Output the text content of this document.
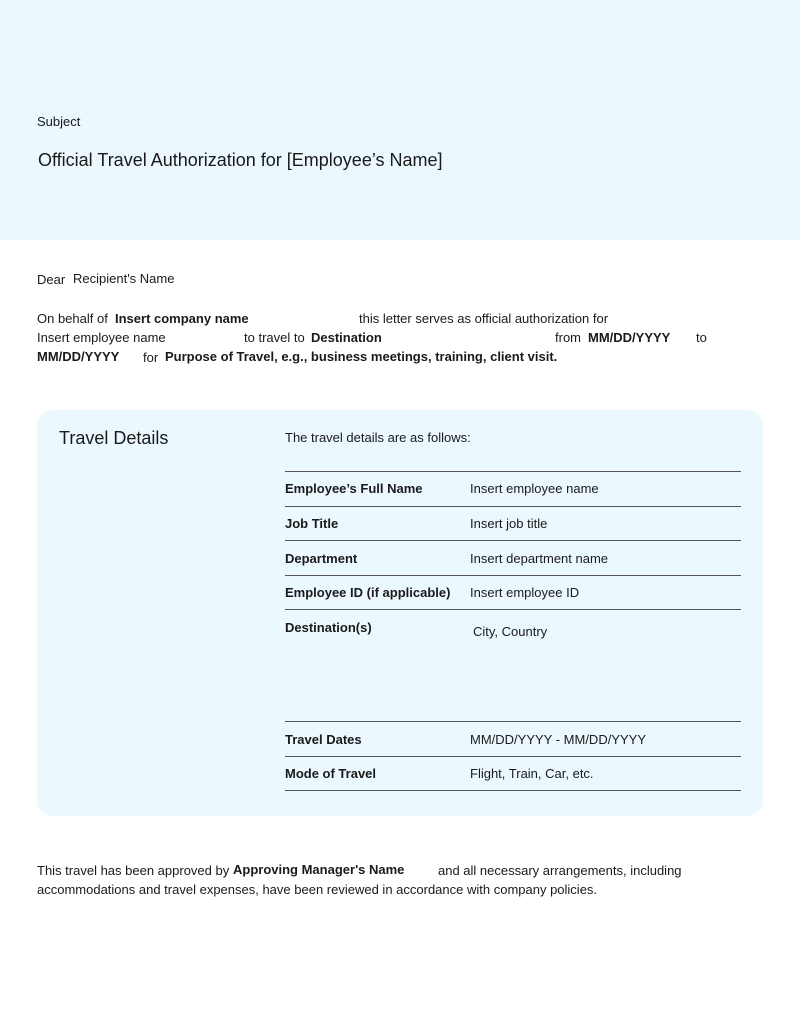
Subject
Official Travel Authorization for [Employee’s Name]
Dear Recipient's Name
On behalf of Insert company name	this letter serves as official authorization for
Insert employee name	to travel to Destination	from MM/DD/YYYY to
MM/DD/YYYY for Purpose of Travel, e.g., business meetings, training, client visit.
Travel Details	The travel details are as follows:
Employee’s Full Name	Insert employee name
Job Title	Insert job title
Department	Insert department name
Employee ID (if applicable) Insert employee ID
Destination(s)	City, Country
Travel Dates	MM/DD/YYYY - MM/DD/YYYY
Mode of Travel	Flight, Train, Car, etc.
This travel has been approved by Approving Manager's Name	and all necessary arrangements, including
accommodations and travel expenses, have been reviewed in accordance with company policies.
